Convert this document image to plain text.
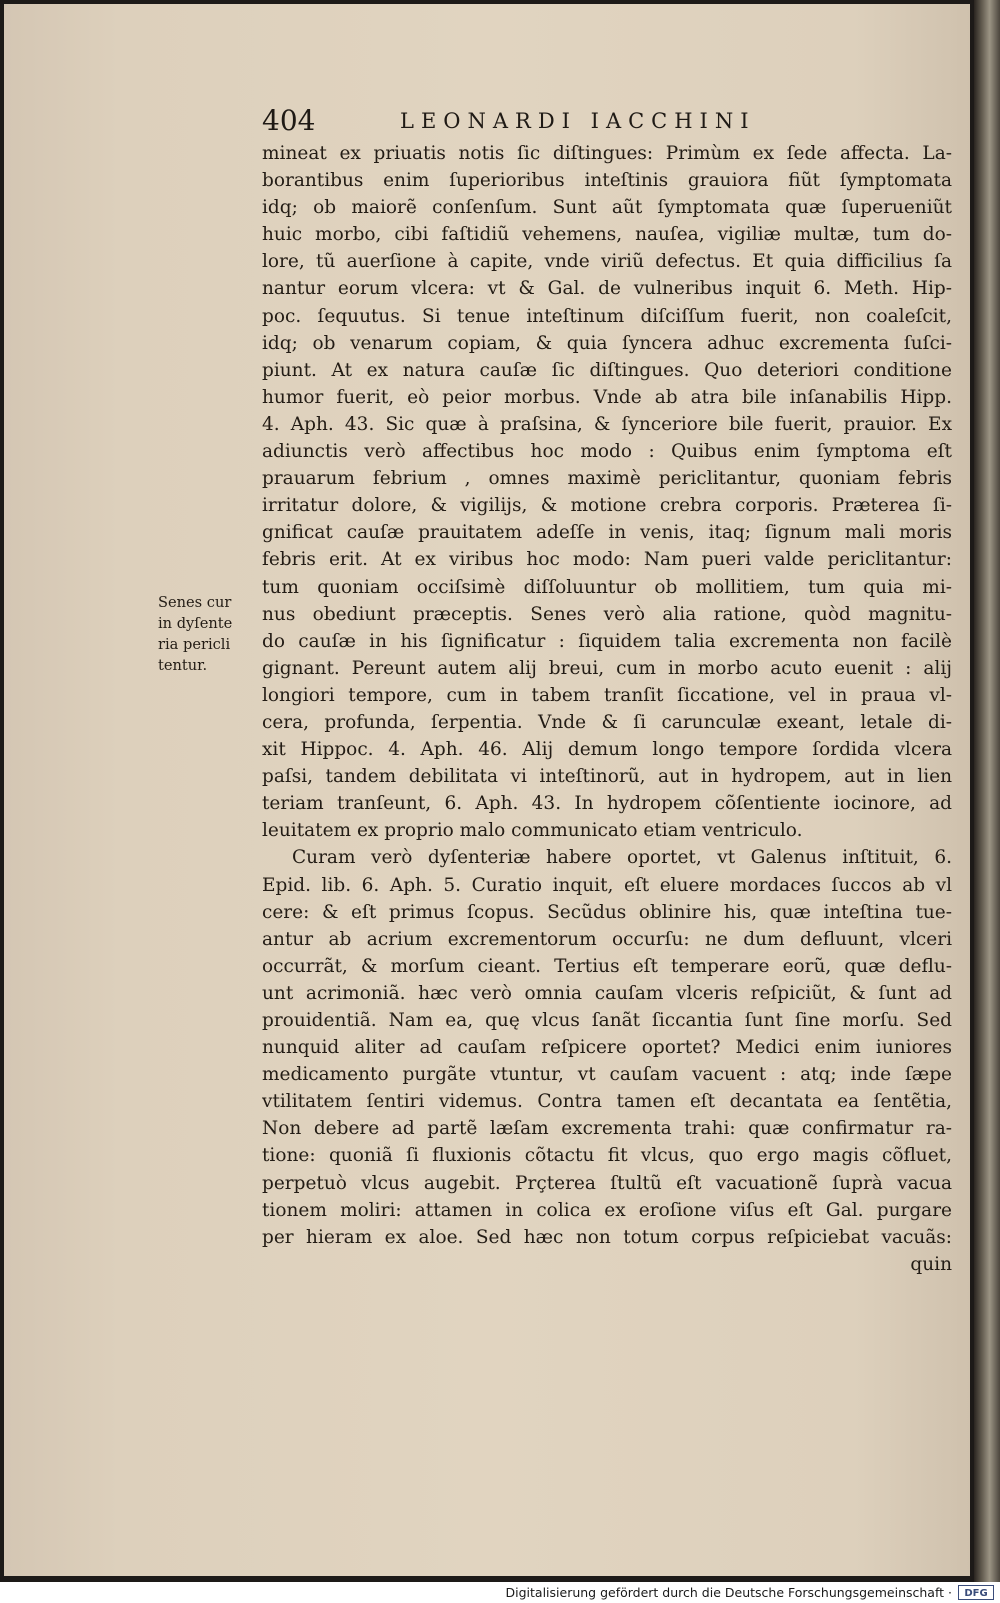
404	LEONARDI IACCHINI
Senes cur
in dyſente
ria pericli
tentur.
mineat ex priuatis notis ſic diſtingues: Primùm ex ſede affecta. La-
borantibus enim ſuperioribus inteſtinis grauiora fiũt ſymptomata
idq; ob maiorẽ conſenſum. Sunt aũt ſymptomata quæ ſuperueniũt
huic morbo, cibi faſtidiũ vehemens, nauſea, vigiliæ multæ, tum do-
lore, tũ auerſione à capite, vnde viriũ defectus. Et quia difficilius ſa
nantur eorum vlcera: vt & Gal. de vulneribus inquit 6. Meth. Hip-
poc. ſequutus. Si tenue inteſtinum diſciſſum fuerit, non coaleſcit,
idq; ob venarum copiam, & quia ſyncera adhuc excrementa ſuſci-
piunt. At ex natura cauſæ ſic diſtingues. Quo deteriori conditione
humor fuerit, eò peior morbus. Vnde ab atra bile inſanabilis Hipp.
4. Aph. 43. Sic quæ à praſsina, & ſynceriore bile fuerit, prauior. Ex
adiunctis verò affectibus hoc modo : Quibus enim ſymptoma eſt
prauarum febrium , omnes maximè periclitantur, quoniam febris
irritatur dolore, & vigilijs, & motione crebra corporis. Præterea ſi-
gnificat cauſæ prauitatem adeſſe in venis, itaq; ſignum mali moris
febris erit. At ex viribus hoc modo: Nam pueri valde periclitantur:
tum quoniam occiſsimè diſſoluuntur ob mollitiem, tum quia mi-
nus obediunt præceptis. Senes verò alia ratione, quòd magnitu-
do cauſæ in his ſignificatur : ſiquidem talia excrementa non facilè
gignant. Pereunt autem alij breui, cum in morbo acuto euenit : alij
longiori tempore, cum in tabem tranſit ſiccatione, vel in praua vl-
cera, profunda, ſerpentia. Vnde & ſi carunculæ exeant, letale di-
xit Hippoc. 4. Aph. 46. Alij demum longo tempore ſordida vlcera
paſsi, tandem debilitata vi inteſtinorũ, aut in hydropem, aut in lien
teriam tranſeunt, 6. Aph. 43. In hydropem cõſentiente iocinore, ad
leuitatem ex proprio malo communicato etiam ventriculo.
Curam verò dyſenteriæ habere oportet, vt Galenus inſtituit, 6.
Epid. lib. 6. Aph. 5. Curatio inquit, eſt eluere mordaces ſuccos ab vl
cere: & eſt primus ſcopus. Secũdus oblinire his, quæ inteſtina tue-
antur ab acrium excrementorum occurſu: ne dum defluunt, vlceri
occurrãt, & morſum cieant. Tertius eſt temperare eorũ, quæ deflu-
unt acrimoniã. hæc verò omnia cauſam vlceris reſpiciũt, & ſunt ad
prouidentiã. Nam ea, quę vlcus ſanãt ſiccantia ſunt ſine morſu. Sed
nunquid aliter ad cauſam reſpicere oportet? Medici enim iuniores
medicamento purgãte vtuntur, vt cauſam vacuent : atq; inde ſæpe
vtilitatem ſentiri videmus. Contra tamen eſt decantata ea ſentẽtia,
Non debere ad partẽ læſam excrementa trahi: quæ confirmatur ra-
tione: quoniã ſi fluxionis cõtactu fit vlcus, quo ergo magis cõfluet,
perpetuò vlcus augebit. Prçterea ſtultũ eſt vacuationẽ ſuprà vacua
tionem moliri: attamen in colica ex eroſione viſus eſt Gal. purgare
per hieram ex aloe. Sed hæc non totum corpus reſpiciebat vacuãs:
quin
Digitalisierung gefördert durch die Deutsche Forschungsgemeinschaft ·	DFG
